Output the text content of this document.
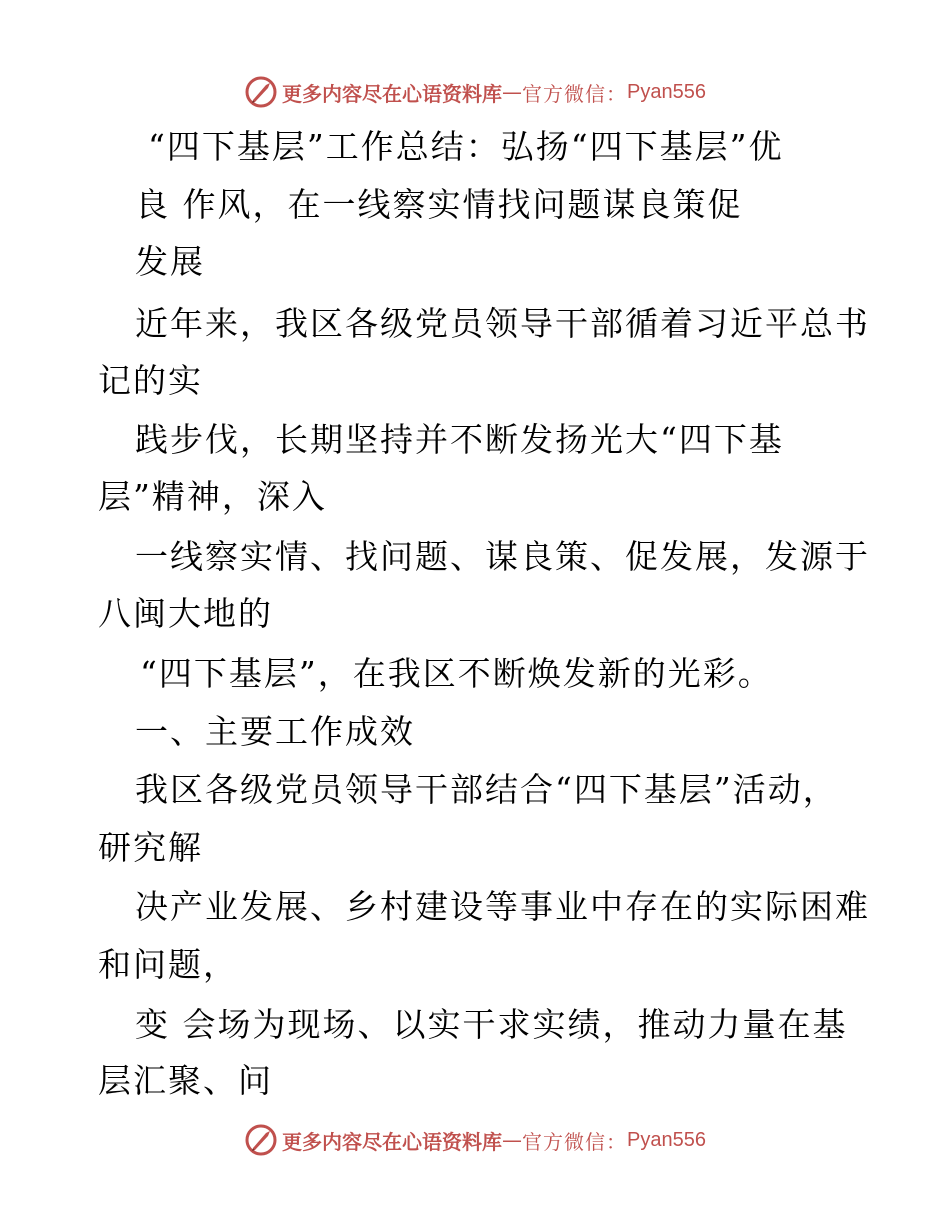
更多内容尽在心语资料库 — 官方微信： Pyan556
“四下基层”工作总结：弘扬“四下基层”优
良 作风，在一线察实情找问题谋良策促
发展
近年来，我区各级党员领导干部循着习近平总书
记的实
践步伐，长期坚持并不断发扬光大“四下基
层”精神，深入
一线察实情、找问题、谋良策、促发展，发源于
八闽大地的
“四下基层”，在我区不断焕发新的光彩。
一、主要工作成效
我区各级党员领导干部结合“四下基层”活动，
研究解
决产业发展、乡村建设等事业中存在的实际困难
和问题，
变 会场为现场、以实干求实绩，推动力量在基
层汇聚、问
更多内容尽在心语资料库 — 官方微信： Pyan556
